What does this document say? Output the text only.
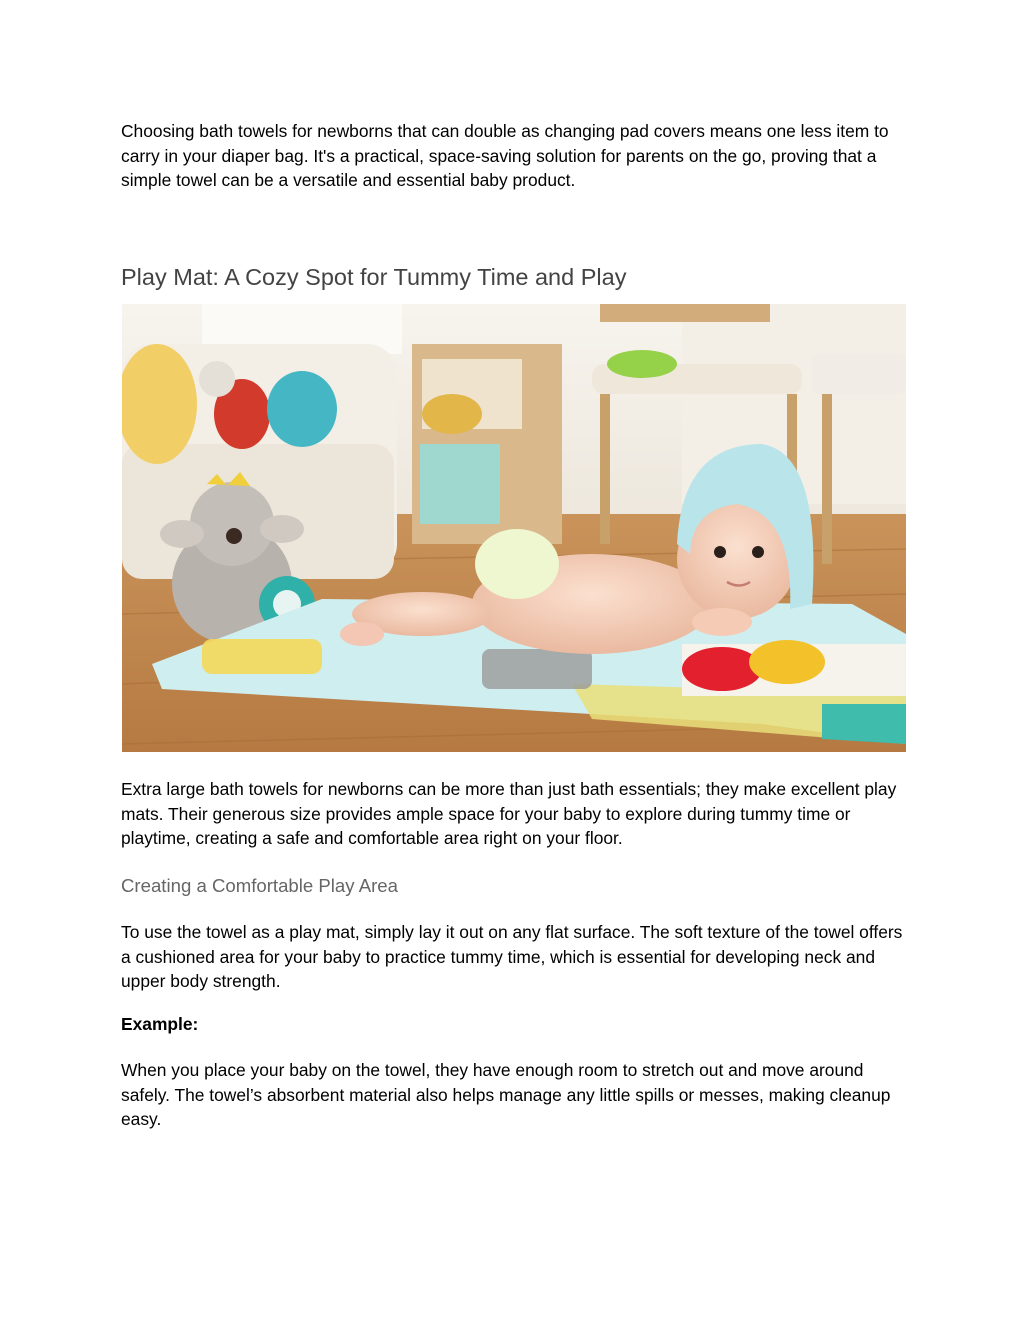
Choosing bath towels for newborns that can double as changing pad covers means one less item to carry in your diaper bag. It's a practical, space-saving solution for parents on the go, proving that a simple towel can be a versatile and essential baby product.

Play Mat: A Cozy Spot for Tummy Time and Play

Extra large bath towels for newborns can be more than just bath essentials; they make excellent play mats. Their generous size provides ample space for your baby to explore during tummy time or playtime, creating a safe and comfortable area right on your floor.

Creating a Comfortable Play Area

To use the towel as a play mat, simply lay it out on any flat surface. The soft texture of the towel offers a cushioned area for your baby to practice tummy time, which is essential for developing neck and upper body strength.

Example:

When you place your baby on the towel, they have enough room to stretch out and move around safely. The towel’s absorbent material also helps manage any little spills or messes, making cleanup easy.
